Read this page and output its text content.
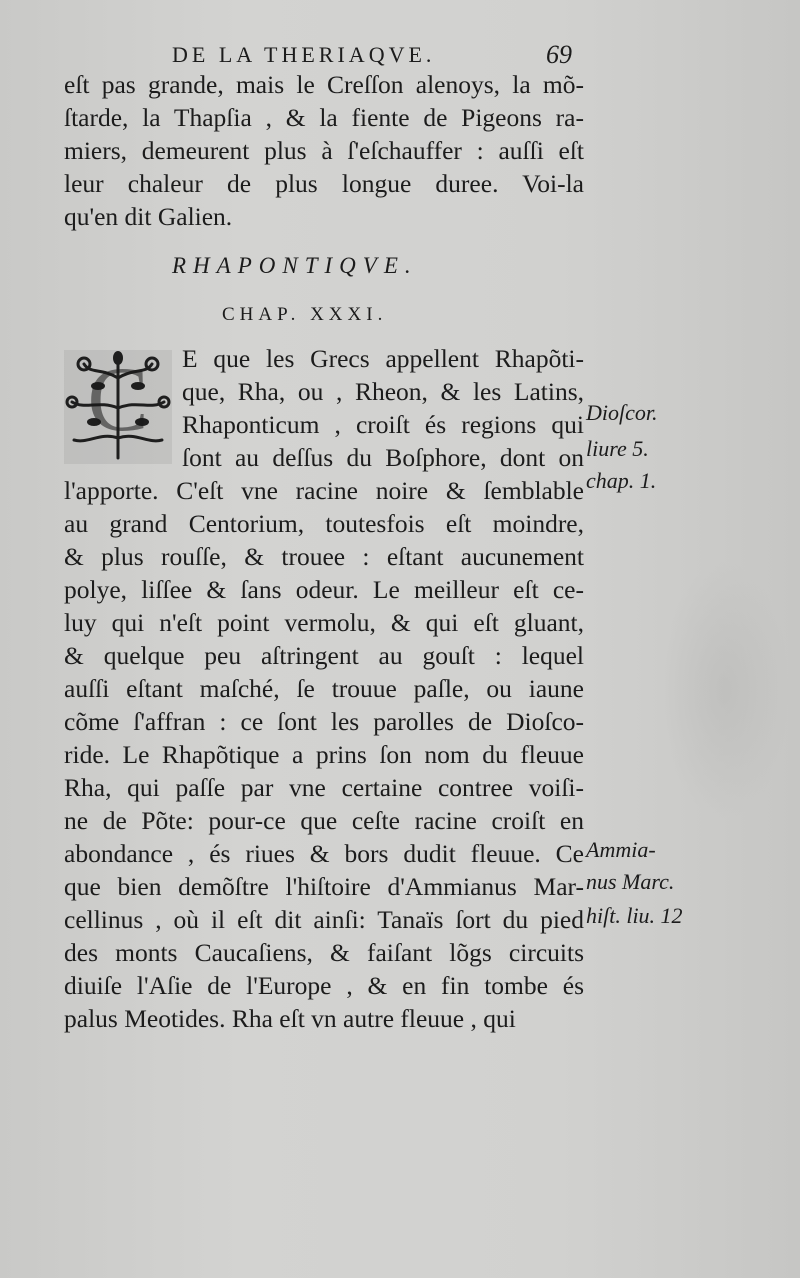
DE LA THERIAQVE.	69
eſt pas grande, mais le Creſſon alenoys, la mõ-
ſtarde, la Thapſia , & la fiente de Pigeons ra-
miers, demeurent plus à ſ'eſchauffer : auſſi eſt
leur chaleur de plus longue duree. Voi-la
qu'en dit Galien.
RHAPONTIQVE.
CHAP. XXXI.
C E que les Grecs appellent Rhapõti-
que, Rha, ou , Rheon, & les Latins,
Rhaponticum , croiſt és regions qui
ſont au deſſus du Boſphore, dont on
l'apporte. C'eſt vne racine noire & ſemblable
au grand Centorium, toutesfois eſt moindre,
& plus rouſſe, & trouee : eſtant aucunement
polye, liſſee & ſans odeur. Le meilleur eſt ce-
luy qui n'eſt point vermolu, & qui eſt gluant,
& quelque peu aſtringent au gouſt : lequel
auſſi eſtant maſché, ſe trouue paſle, ou iaune
cõme ſ'affran : ce ſont les parolles de Dioſco-
ride. Le Rhapõtique a prins ſon nom du fleuue
Rha, qui paſſe par vne certaine contree voiſi-
ne de Põte: pour-ce que ceſte racine croiſt en
abondance , és riues & bors dudit fleuue. Ce
que bien demõſtre l'hiſtoire d'Ammianus Mar-
cellinus , où il eſt dit ainſi: Tanaïs ſort du pied
des monts Caucaſiens, & faiſant lõgs circuits
diuiſe l'Aſie de l'Europe , & en fin tombe és
palus Meotides. Rha eſt vn autre fleuue , qui
Dioſcor.
liure 5.
chap. 1.
Ammia-
nus Marc.
hiſt. liu. 12
